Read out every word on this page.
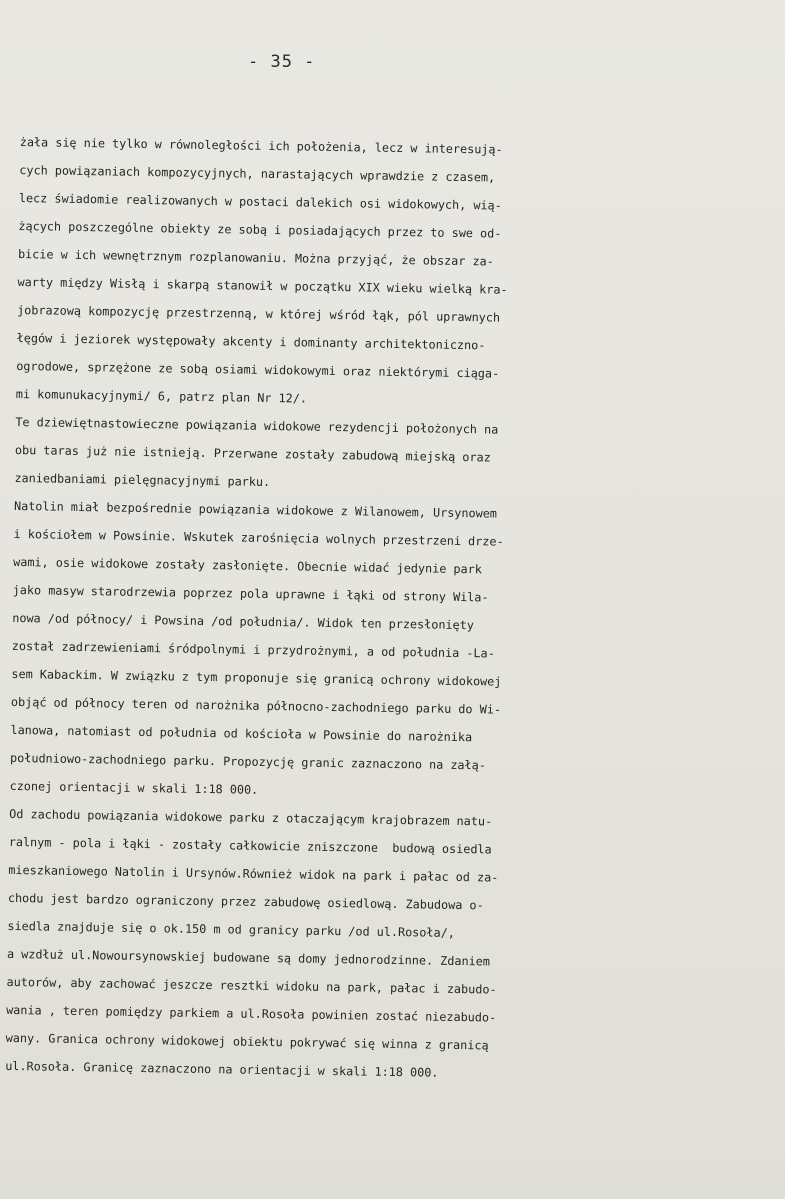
- 35 -
żała się nie tylko w równoległości ich położenia, lecz w interesują-
cych powiązaniach kompozycyjnych, narastających wprawdzie z czasem,
lecz świadomie realizowanych w postaci dalekich osi widokowych, wią-
żących poszczególne obiekty ze sobą i posiadających przez to swe od-
bicie w ich wewnętrznym rozplanowaniu. Można przyjąć, że obszar za-
warty między Wisłą i skarpą stanowił w początku XIX wieku wielką kra-
jobrazową kompozycję przestrzenną, w której wśród łąk, pól uprawnych
łęgów i jeziorek występowały akcenty i dominanty architektoniczno-
ogrodowe, sprzężone ze sobą osiami widokowymi oraz niektórymi ciąga-
mi komunukacyjnymi/ 6, patrz plan Nr 12/.
Te dziewiętnastowieczne powiązania widokowe rezydencji położonych na
obu taras już nie istnieją. Przerwane zostały zabudową miejską oraz
zaniedbaniami pielęgnacyjnymi parku.
Natolin miał bezpośrednie powiązania widokowe z Wilanowem, Ursynowem
i kościołem w Powsinie. Wskutek zarośnięcia wolnych przestrzeni drze-
wami, osie widokowe zostały zasłonięte. Obecnie widać jedynie park
jako masyw starodrzewia poprzez pola uprawne i łąki od strony Wila-
nowa /od północy/ i Powsina /od południa/. Widok ten przesłonięty
został zadrzewieniami śródpolnymi i przydrożnymi, a od południa -La-
sem Kabackim. W związku z tym proponuje się granicą ochrony widokowej
objąć od północy teren od narożnika północno-zachodniego parku do Wi-
lanowa, natomiast od południa od kościoła w Powsinie do narożnika
południowo-zachodniego parku. Propozycję granic zaznaczono na załą-
czonej orientacji w skali 1:18 000.
Od zachodu powiązania widokowe parku z otaczającym krajobrazem natu-
ralnym - pola i łąki - zostały całkowicie zniszczone  budową osiedla
mieszkaniowego Natolin i Ursynów.Również widok na park i pałac od za-
chodu jest bardzo ograniczony przez zabudowę osiedlową. Zabudowa o-
siedla znajduje się o ok.150 m od granicy parku /od ul.Rosoła/,
a wzdłuż ul.Nowoursynowskiej budowane są domy jednorodzinne. Zdaniem
autorów, aby zachować jeszcze resztki widoku na park, pałac i zabudo-
wania , teren pomiędzy parkiem a ul.Rosoła powinien zostać niezabudo-
wany. Granica ochrony widokowej obiektu pokrywać się winna z granicą
ul.Rosoła. Granicę zaznaczono na orientacji w skali 1:18 000.
